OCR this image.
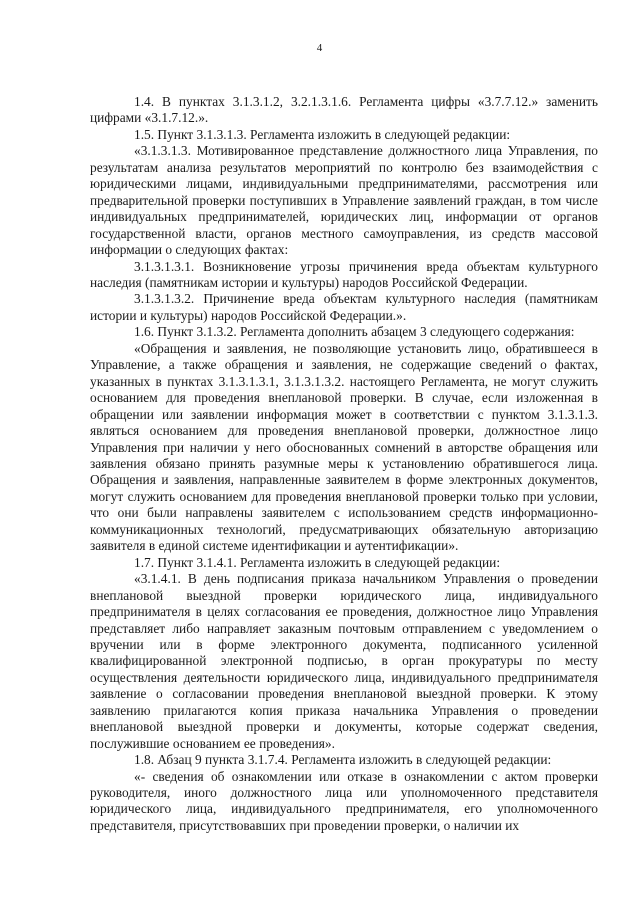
4

1.4. В пунктах 3.1.3.1.2, 3.2.1.3.1.6. Регламента цифры «3.7.7.12.» заменить цифрами «3.1.7.12.».

1.5. Пункт 3.1.3.1.3. Регламента изложить в следующей редакции:

«3.1.3.1.3. Мотивированное представление должностного лица Управления, по результатам анализа результатов мероприятий по контролю без взаимодействия с юридическими лицами, индивидуальными предпринимателями, рассмотрения или предварительной проверки поступивших в Управление заявлений граждан, в том числе индивидуальных предпринимателей, юридических лиц, информации от органов государственной власти, органов местного самоуправления, из средств массовой информации о следующих фактах:

3.1.3.1.3.1. Возникновение угрозы причинения вреда объектам культурного наследия (памятникам истории и культуры) народов Российской Федерации.

3.1.3.1.3.2. Причинение вреда объектам культурного наследия (памятникам истории и культуры) народов Российской Федерации.».

1.6. Пункт 3.1.3.2. Регламента дополнить абзацем 3 следующего содержания:

«Обращения и заявления, не позволяющие установить лицо, обратившееся в Управление, а также обращения и заявления, не содержащие сведений о фактах, указанных в пунктах 3.1.3.1.3.1, 3.1.3.1.3.2. настоящего Регламента, не могут служить основанием для проведения внеплановой проверки. В случае, если изложенная в обращении или заявлении информация может в соответствии с пунктом 3.1.3.1.3. являться основанием для проведения внеплановой проверки, должностное лицо Управления при наличии у него обоснованных сомнений в авторстве обращения или заявления обязано принять разумные меры к установлению обратившегося лица. Обращения и заявления, направленные заявителем в форме электронных документов, могут служить основанием для проведения внеплановой проверки только при условии, что они были направлены заявителем с использованием средств информационно-коммуникационных технологий, предусматривающих обязательную авторизацию заявителя в единой системе идентификации и аутентификации».

1.7. Пункт 3.1.4.1. Регламента изложить в следующей редакции:

«3.1.4.1. В день подписания приказа начальником Управления о проведении внеплановой выездной проверки юридического лица, индивидуального предпринимателя в целях согласования ее проведения, должностное лицо Управления представляет либо направляет заказным почтовым отправлением с уведомлением о вручении или в форме электронного документа, подписанного усиленной квалифицированной электронной подписью, в орган прокуратуры по месту осуществления деятельности юридического лица, индивидуального предпринимателя заявление о согласовании проведения внеплановой выездной проверки. К этому заявлению прилагаются копия приказа начальника Управления о проведении внеплановой выездной проверки и документы, которые содержат сведения, послужившие основанием ее проведения».

1.8. Абзац 9 пункта 3.1.7.4. Регламента изложить в следующей редакции:

«- сведения об ознакомлении или отказе в ознакомлении с актом проверки руководителя, иного должностного лица или уполномоченного представителя юридического лица, индивидуального предпринимателя, его уполномоченного представителя, присутствовавших при проведении проверки, о наличии их
